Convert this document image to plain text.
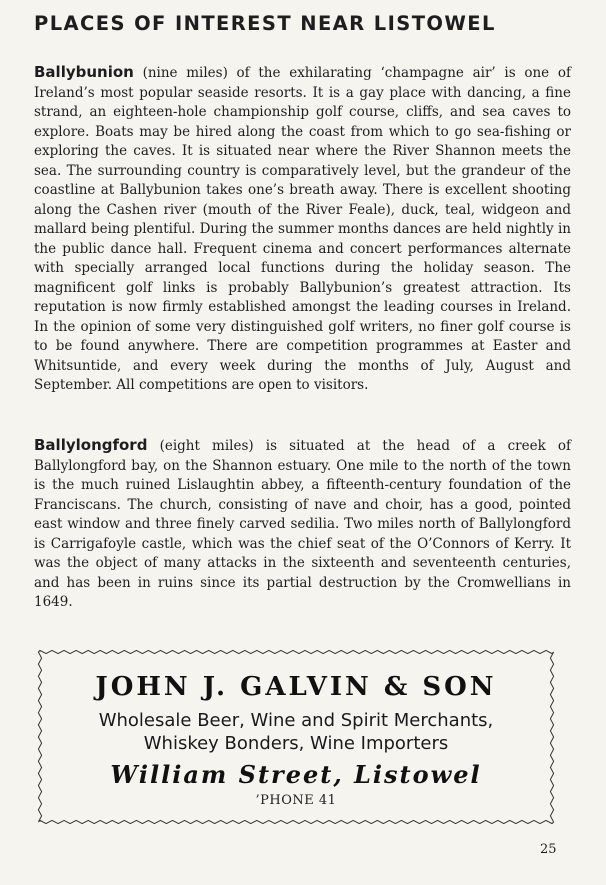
PLACES OF INTEREST NEAR LISTOWEL

Ballybunion (nine miles) of the exhilarating ‘champagne air’ is one of Ireland’s most popular seaside resorts. It is a gay place with dancing, a fine strand, an eighteen-hole championship golf course, cliffs, and sea caves to explore. Boats may be hired along the coast from which to go sea-fishing or exploring the caves. It is situated near where the River Shannon meets the sea. The surrounding country is comparatively level, but the grandeur of the coastline at Ballybunion takes one’s breath away. There is excellent shooting along the Cashen river (mouth of the River Feale), duck, teal, widgeon and mallard being plentiful. During the summer months dances are held nightly in the public dance hall. Frequent cinema and concert performances alternate with specially arranged local functions during the holiday season. The magnificent golf links is probably Ballybunion’s greatest attraction. Its reputation is now firmly established amongst the leading courses in Ireland. In the opinion of some very distinguished golf writers, no finer golf course is to be found anywhere. There are competition programmes at Easter and Whitsuntide, and every week during the months of July, August and September. All competitions are open to visitors.

Ballylongford (eight miles) is situated at the head of a creek of Ballylongford bay, on the Shannon estuary. One mile to the north of the town is the much ruined Lislaughtin abbey, a fifteenth-century foundation of the Franciscans. The church, consisting of nave and choir, has a good, pointed east window and three finely carved sedilia. Two miles north of Ballylongford is Carrigafoyle castle, which was the chief seat of the O’Connors of Kerry. It was the object of many attacks in the sixteenth and seventeenth centuries, and has been in ruins since its partial destruction by the Cromwellians in 1649.

JOHN J. GALVIN & SON
Wholesale Beer, Wine and Spirit Merchants,
Whiskey Bonders, Wine Importers
William Street, Listowel
’PHONE 41
25
